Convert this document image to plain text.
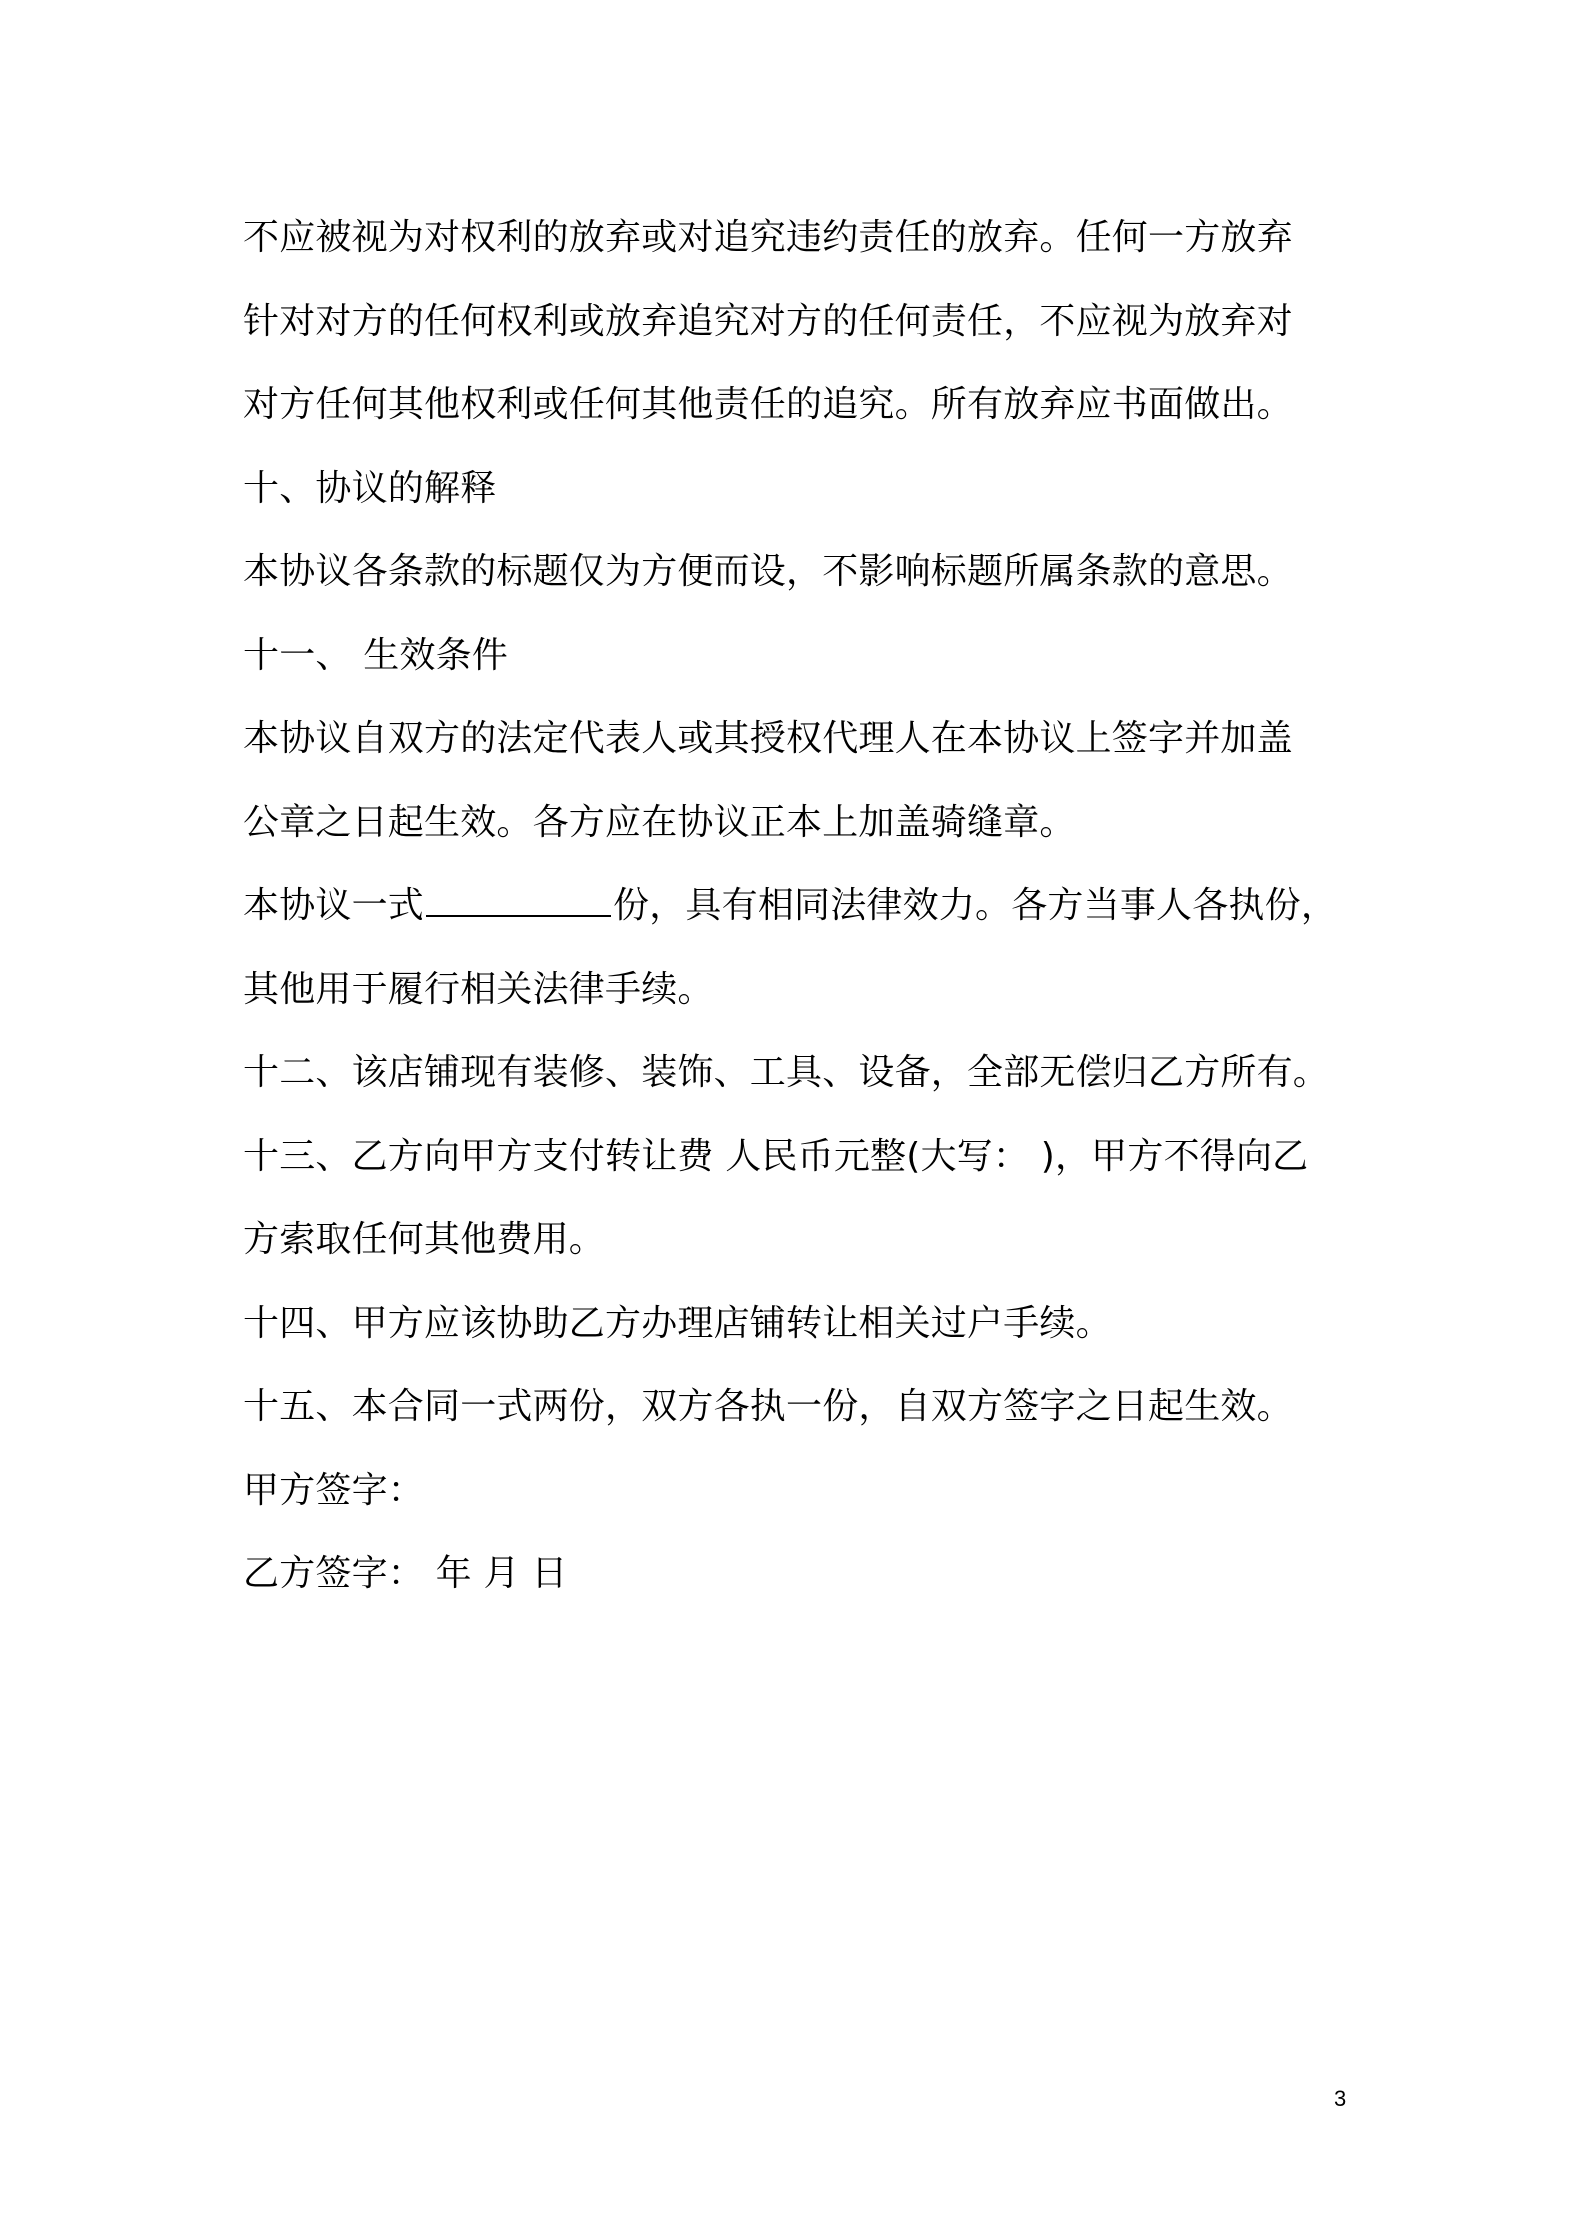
不应被视为对权利的放弃或对追究违约责任的放弃。任何一方放弃
针对对方的任何权利或放弃追究对方的任何责任，不应视为放弃对
对方任何其他权利或任何其他责任的追究。所有放弃应书面做出。
十、协议的解释
本协议各条款的标题仅为方便而设，不影响标题所属条款的意思。
十一、 生效条件
本协议自双方的法定代表人或其授权代理人在本协议上签字并加盖
公章之日起生效。各方应在协议正本上加盖骑缝章。
本协议一式	份，具有相同法律效力。各方当事人各执份，
其他用于履行相关法律手续。
十二、该店铺现有装修、装饰、工具、设备，全部无偿归乙方所有。
十三、乙方向甲方支付转让费 人民币元整(大写： )，甲方不得向乙
方索取任何其他费用。
十四、甲方应该协助乙方办理店铺转让相关过户手续。
十五、本合同一式两份，双方各执一份，自双方签字之日起生效。
甲方签字：
乙方签字： 年 月 日
3
